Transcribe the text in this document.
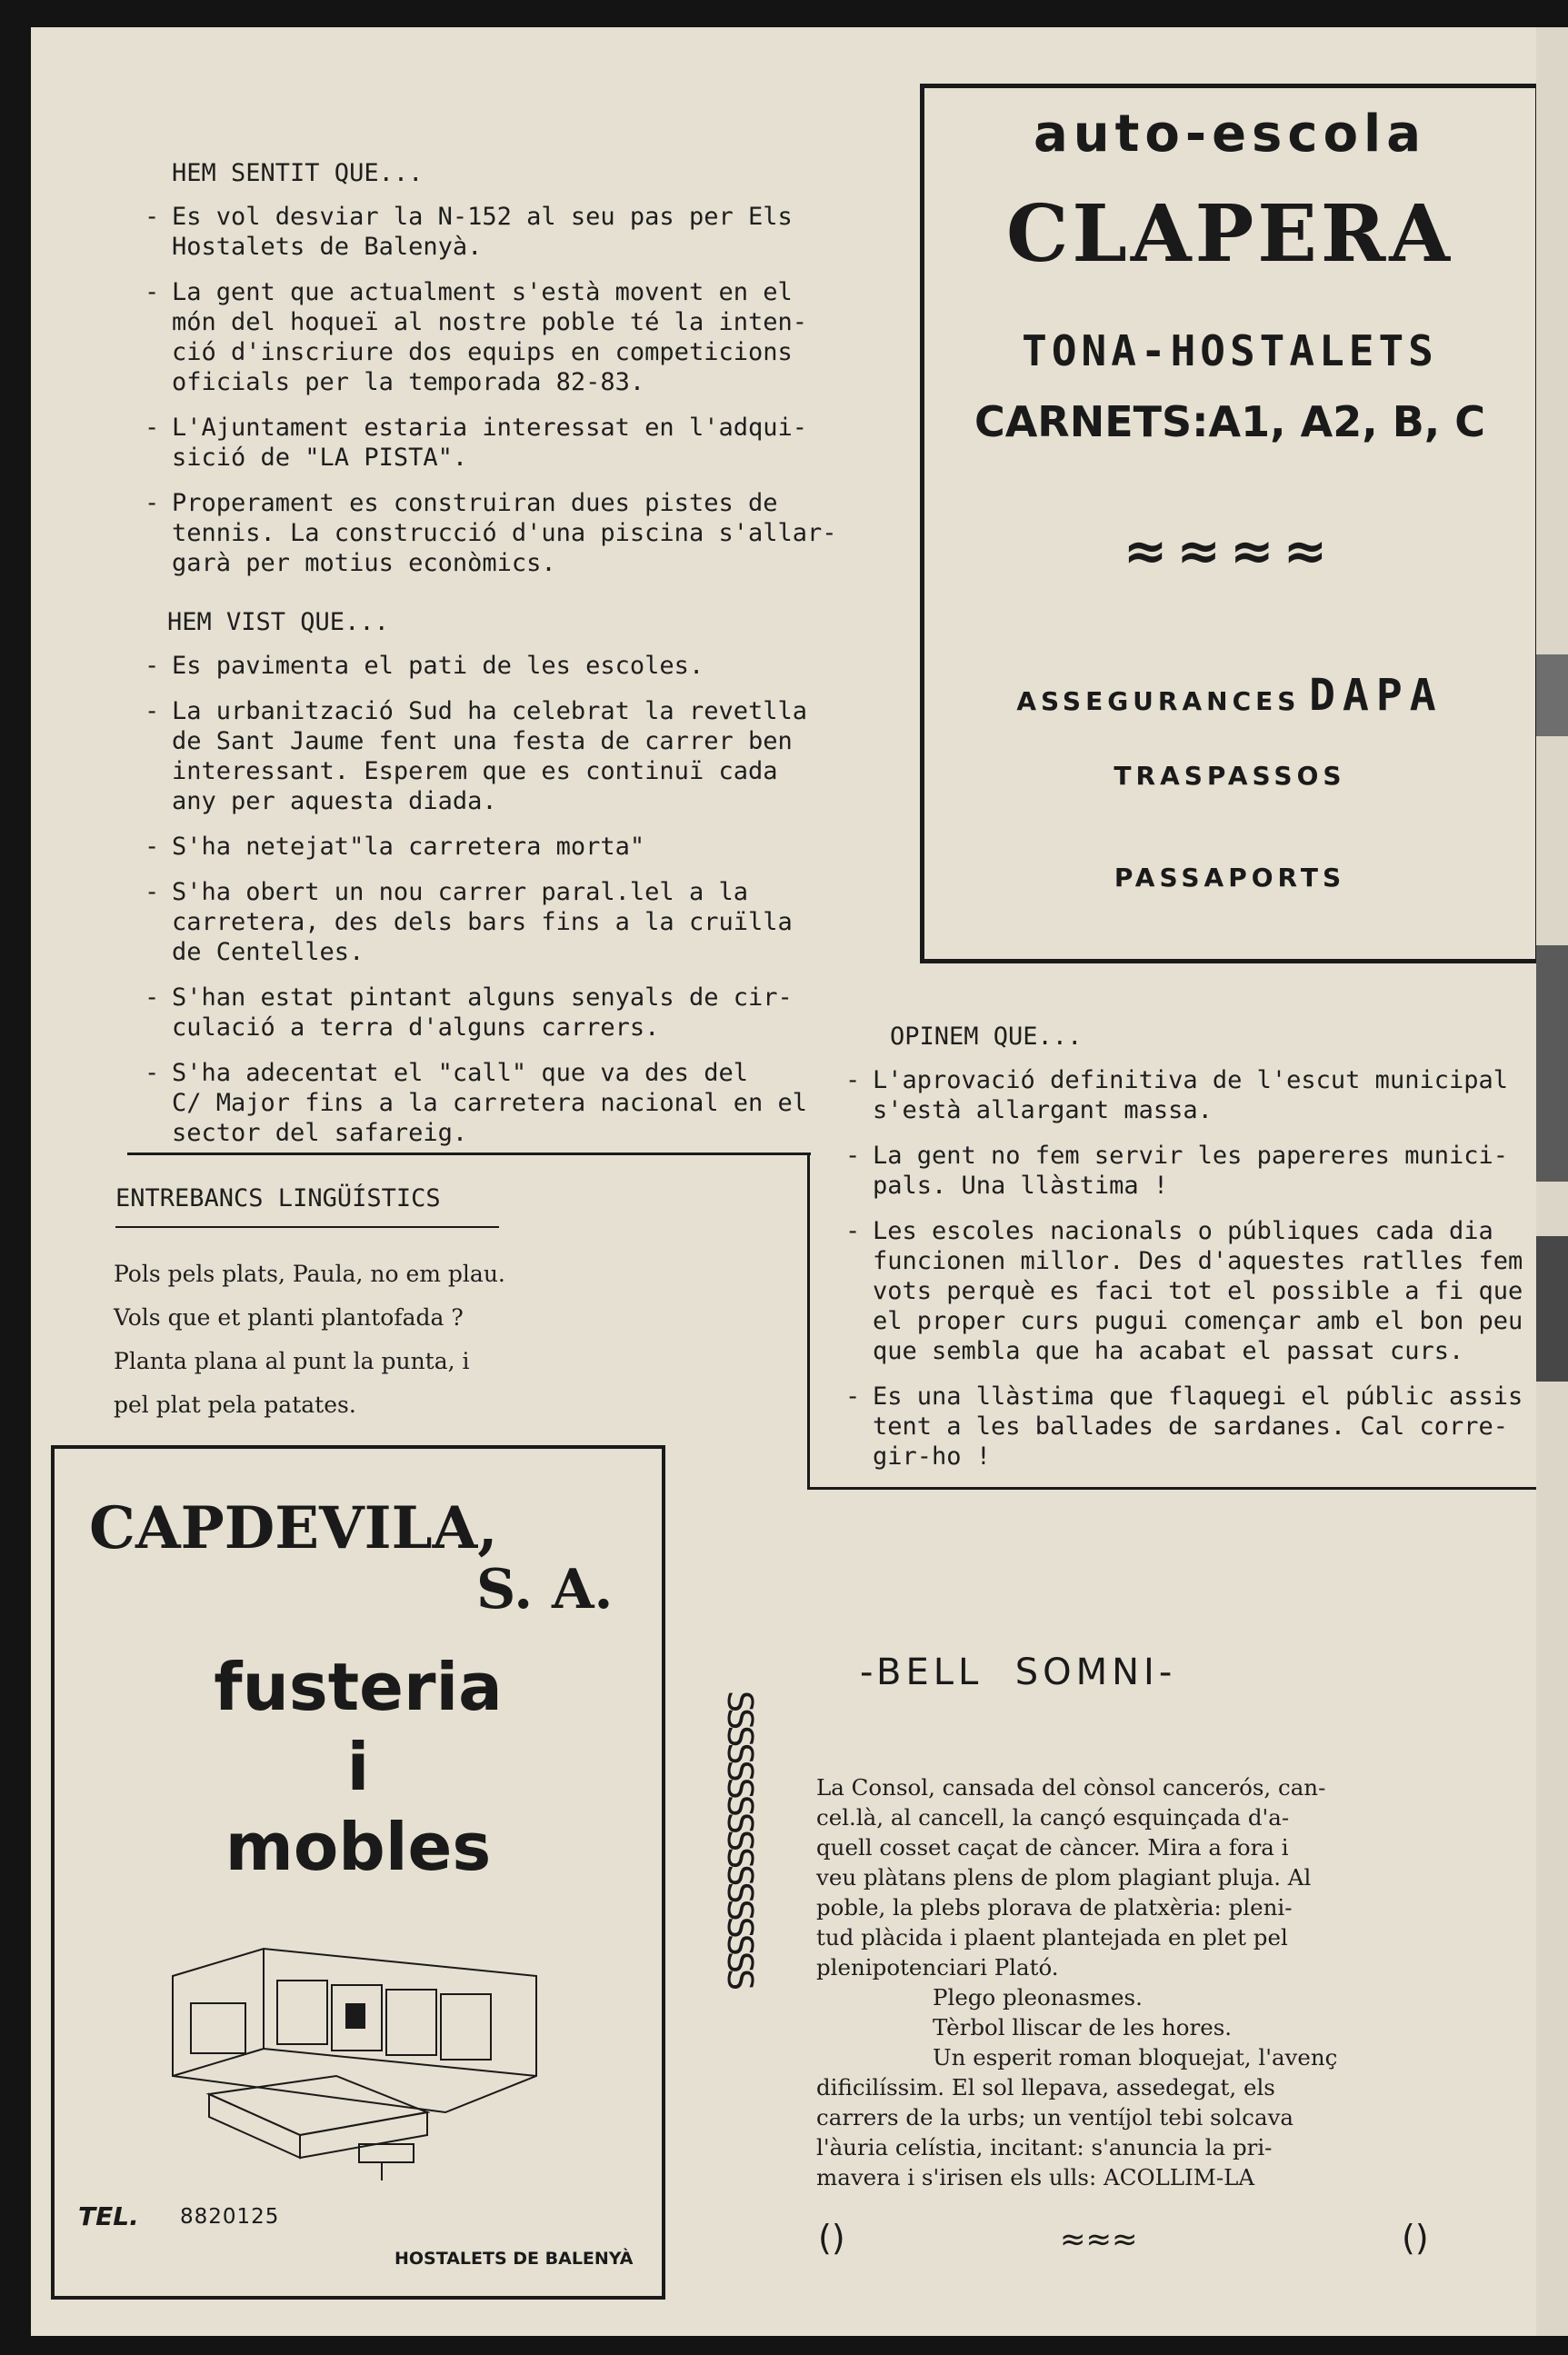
HEM SENTIT QUE...
- Es vol desviar la N-152 al seu pas per Els
Hostalets de Balenyà.
- La gent que actualment s'està movent en el
món del hoqueï al nostre poble té la inten-
ció d'inscriure dos equips en competicions
oficials per la temporada 82-83.
- L'Ajuntament estaria interessat en l'adqui-
sició de "LA PISTA".
- Properament es construiran dues pistes de
tennis. La construcció d'una piscina s'allar-
garà per motius econòmics.
HEM VIST QUE...
- Es pavimenta el pati de les escoles.
- La urbanització Sud ha celebrat la revetlla
de Sant Jaume fent una festa de carrer ben
interessant. Esperem que es continuï cada
any per aquesta diada.
- S'ha netejat"la carretera morta"
- S'ha obert un nou carrer paral.lel a la
carretera, des dels bars fins a la cruïlla
de Centelles.
- S'han estat pintant alguns senyals de cir-
culació a terra d'alguns carrers.
- S'ha adecentat el "call" que va des del
C/ Major fins a la carretera nacional en el
sector del safareig.
ENTREBANCS LINGÜÍSTICS
Pols pels plats, Paula, no em plau.
Vols que et planti plantofada ?
Planta plana al punt la punta, i
pel plat pela patates.
OPINEM QUE...
- L'aprovació definitiva de l'escut municipal
s'està allargant massa.
- La gent no fem servir les papereres munici-
pals. Una llàstima !
- Les escoles nacionals o públiques cada dia
funcionen millor. Des d'aquestes ratlles fem
vots perquè es faci tot el possible a fi que
el proper curs pugui començar amb el bon peu
que sembla que ha acabat el passat curs.
- Es una llàstima que flaquegi el públic assis
tent a les ballades de sardanes. Cal corre-
gir-ho !
auto-escola
CLAPERA
TONA-HOSTALETS
CARNETS:A1, A2, B, C
≈≈≈≈
ASSEGURANCES DAPA
TRASPASSOS
PASSAPORTS
CAPDEVILA,
S. A.
fusteria
i
mobles
TEL. 8820125
HOSTALETS DE BALENYÀ
SSSSSSSSSSSSSSSSS
-BELL  SOMNI-
La Consol, cansada del cònsol cancerós, can-
cel.là, al cancell, la cançó esquinçada d'a-
quell cosset caçat de càncer. Mira a fora i
veu plàtans plens de plom plagiant pluja. Al
poble, la plebs plorava de platxèria: pleni-
tud plàcida i plaent plantejada en plet pel
plenipotenciari Plató.
Plego pleonasmes.
Tèrbol lliscar de les hores.
Un esperit roman bloquejat, l'avenç
dificilíssim. El sol llepava, assedegat, els
carrers de la urbs; un ventíjol tebi solcava
l'àuria celístia, incitant: s'anuncia la pri-
mavera i s'irisen els ulls: ACOLLIM-LA
()	≈≈≈	()
